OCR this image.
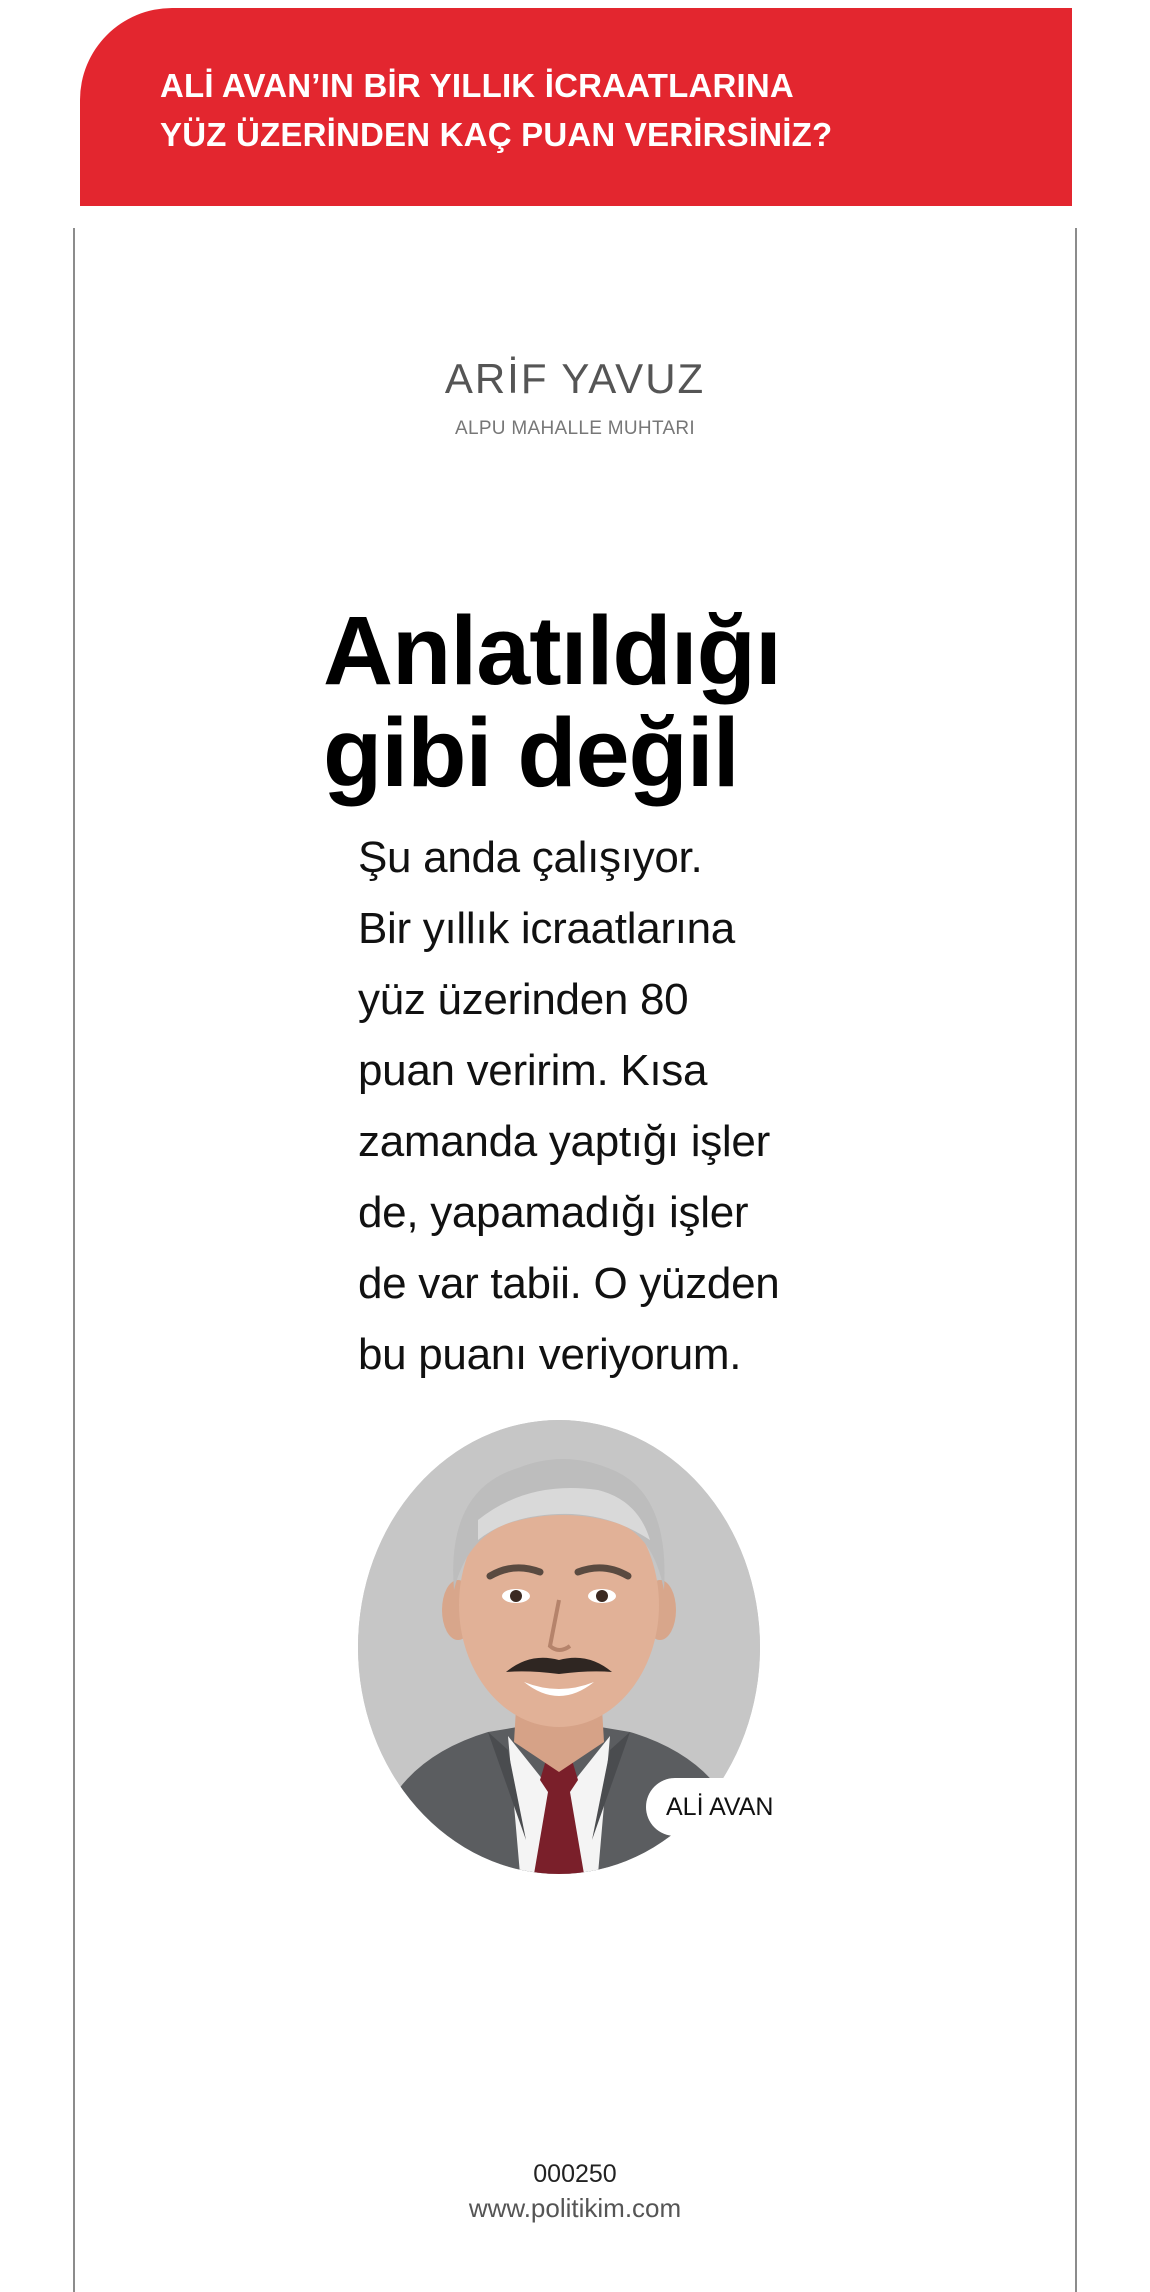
ALİ AVAN’IN BİR YILLIK İCRAATLARINA
YÜZ ÜZERİNDEN KAÇ PUAN VERİRSİNİZ?
ARİF YAVUZ
ALPU MAHALLE MUHTARI
Anlatıldığı
gibi değil
Şu anda çalışıyor.
Bir yıllık icraatlarına
yüz üzerinden 80
puan veririm. Kısa
zamanda yaptığı işler
de, yapamadığı işler
de var tabii. O yüzden
bu puanı veriyorum.
ALİ AVAN
000250
www.politikim.com
